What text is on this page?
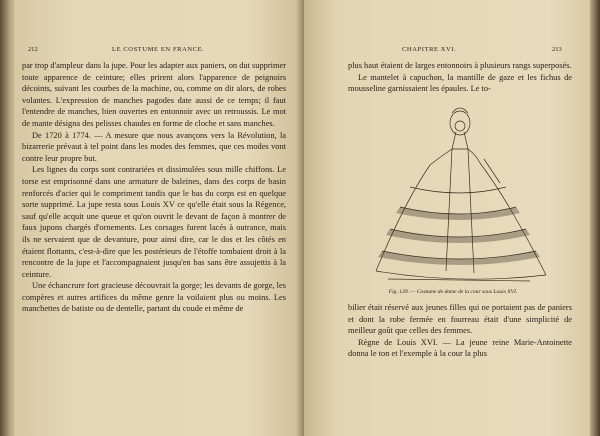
212	LE COSTUME EN FRANCE.

par trop d'ampleur dans la jupe. Pour les adapter aux paniers, on dut supprimer toute apparence de ceinture; elles prirent alors l'apparence de peignoirs décoints, suivant les courbes de la machine, ou, comme on dit alors, de robes volantes. L'expression de manches pagodes date aussi de ce temps; il faut l'entendre de manches, bien ouvertes en entonnoir avec un retroussis. Le mot de mante désigna des pelisses chaudes en forme de cloche et sans manches.

De 1720 à 1774. — A mesure que nous avançons vers la Révolution, la bizarrerie prévaut à tel point dans les modes des femmes, que ces modes vont contre leur propre but.

Les lignes du corps sont contrariées et dissimulées sous mille chiffons. Le torse est emprisonné dans une armature de baleines, dans des corps de basin renforcés d'acier qui le compriment tandis que le bas du corps est en quelque sorte supprimé. La jupe resta sous Louis XV ce qu'elle était sous la Régence, sauf qu'elle acquit une queue et qu'on ouvrit le devant de façon à montrer de faux jupons chargés d'ornements. Les corsages furent lacés à outrance, mais ils ne servaient que de devanture, pour ainsi dire, car le dos et les côtés en étaient flottants, c'est-à-dire que les postérieurs de l'étoffe tombaient droit à la rencontre de la jupe et l'accompagnaient jusqu'en bas sans être assujettis à la ceinture.

Une échancrure fort gracieuse découvrait la gorge; les devants de gorge, les compères et autres artifices du même genre la voilaient plus ou moins. Les manchettes de batiste ou de dentelle, partant du coude et même de

CHAPITRE XVI.	213

plus haut étaient de larges entonnoirs à plusieurs rangs superposés.

Le mantelet à capuchon, la mantille de gaze et les fichus de mousseline garnissaient les épaules. Le to-

Fig. 139. — Costume de dame de la cour sous Louis XVI.

bilier était réservé aux jeunes filles qui ne portaient pas de paniers et dont la robe fermée en fourreau était d'une simplicité de meilleur goût que celles des femmes.

Règne de Louis XVI. — La jeune reine Marie-Antoinette donna le ton et l'exemple à la cour la plus
